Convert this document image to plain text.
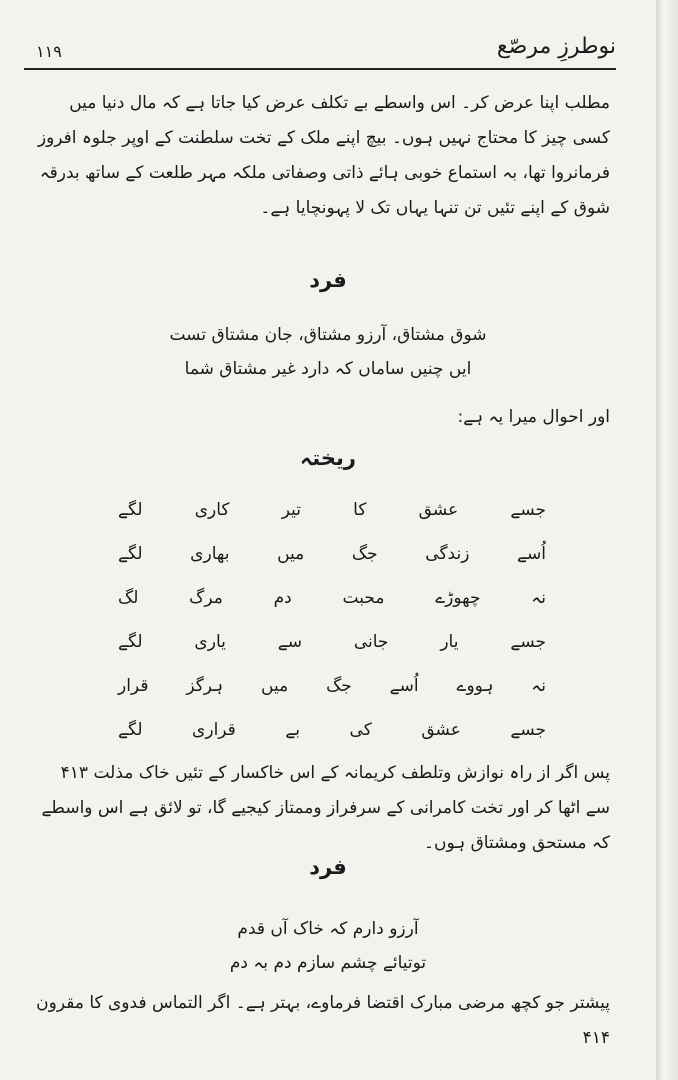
نوطرزِ مرصّع
۱۱۹

مطلب اپنا عرض کر۔ اس واسطے بے تکلف عرض کیا جاتا ہے کہ مال دنیا میں کسی چیز کا محتاج نہیں ہوں۔ بیچ اپنے ملک کے تخت سلطنت کے اوپر جلوہ افروز فرمانروا تھا، بہ استماع خوبی ہائے ذاتی وصفاتی ملکہ مہر طلعت کے ساتھ بدرقہ شوق کے اپنے تئیں تن تنہا یہاں تک لا پہونچایا ہے۔

فرد
شوق مشتاق، آرزو مشتاق، جان مشتاق تست
ایں چنیں ساماں کہ دارد غیر مشتاق شما
اور احوال میرا یہ ہے:
ریختہ
جسے عشق کا تیر کاری لگے
اُسے زندگی جگ میں بھاری لگے
نہ چھوڑے محبت دم مرگ لگ
جسے یار جانی سے یاری لگے
نہ ہووے اُسے جگ میں ہرگز قرار
جسے عشق کی بے قراری لگے

پس اگر از راہ نوازش وتلطف کریمانہ کے اس خاکسار کے تئیں خاک مذلت ۴۱۳ سے اٹھا کر اور تخت کامرانی کے سرفراز وممتاز کیجیے گا، تو لائق ہے اس واسطے کہ مستحق ومشتاق ہوں۔

فرد
آرزو دارم کہ خاک آں قدم
توتیائے چشم سازم دم بہ دم

پیشتر جو کچھ مرضی مبارک اقتضا فرماوے، بہتر ہے۔ اگر التماس فدوی کا مقرون ۴۱۴
